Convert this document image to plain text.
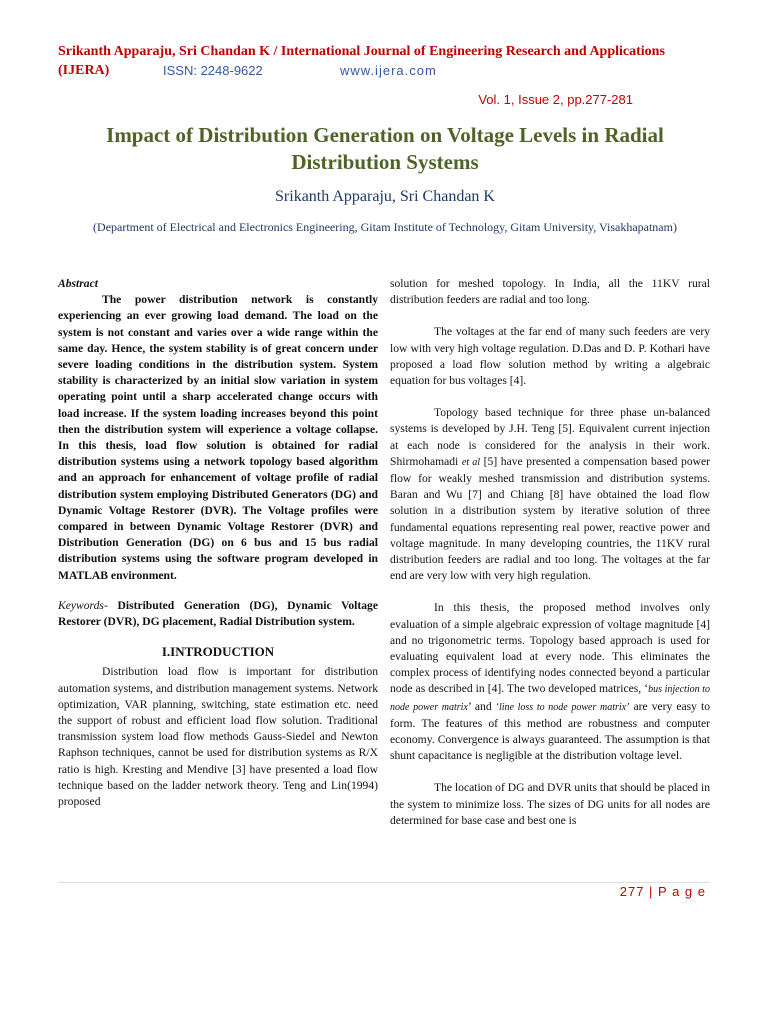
Srikanth Apparaju, Sri Chandan K / International Journal of Engineering Research and Applications
(IJERA)	ISSN: 2248-9622	www.ijera.com
Vol. 1, Issue 2, pp.277-281
Impact of Distribution Generation on Voltage Levels in Radial Distribution Systems
Srikanth Apparaju, Sri Chandan K
(Department of Electrical and Electronics Engineering, Gitam Institute of Technology, Gitam University, Visakhapatnam)

Abstract

The power distribution network is constantly experiencing an ever growing load demand. The load on the system is not constant and varies over a wide range within the same day. Hence, the system stability is of great concern under severe loading conditions in the distribution system. System stability is characterized by an initial slow variation in system operating point until a sharp accelerated change occurs with load increase. If the system loading increases beyond this point then the distribution system will experience a voltage collapse. In this thesis, load flow solution is obtained for radial distribution systems using a network topology based algorithm and an approach for enhancement of voltage profile of radial distribution system employing Distributed Generators (DG) and Dynamic Voltage Restorer (DVR). The Voltage profiles were compared in between Dynamic Voltage Restorer (DVR) and Distribution Generation (DG) on 6 bus and 15 bus radial distribution systems using the software program developed in MATLAB environment.

Keywords- Distributed Generation (DG), Dynamic Voltage Restorer (DVR), DG placement, Radial Distribution system.

I.INTRODUCTION

Distribution load flow is important for distribution automation systems, and distribution management systems. Network optimization, VAR planning, switching, state estimation etc. need the support of robust and efficient load flow solution. Traditional transmission system load flow methods Gauss-Siedel and Newton Raphson techniques, cannot be used for distribution systems as R/X ratio is high. Kresting and Mendive [3] have presented a load flow technique based on the ladder network theory. Teng and Lin(1994) proposed

solution for meshed topology. In India, all the 11KV rural distribution feeders are radial and too long.

The voltages at the far end of many such feeders are very low with very high voltage regulation. D.Das and D. P. Kothari have proposed a load flow solution method by writing a algebraic equation for bus voltages [4].

Topology based technique for three phase un-balanced systems is developed by J.H. Teng [5]. Equivalent current injection at each node is considered for the analysis in their work. Shirmohamadi et al [5] have presented a compensation based power flow for weakly meshed transmission and distribution systems. Baran and Wu [7] and Chiang [8] have obtained the load flow solution in a distribution system by iterative solution of three fundamental equations representing real power, reactive power and voltage magnitude. In many developing countries, the 11KV rural distribution feeders are radial and too long. The voltages at the far end are very low with very high regulation.

In this thesis, the proposed method involves only evaluation of a simple algebraic expression of voltage magnitude [4] and no trigonometric terms. Topology based approach is used for evaluating equivalent load at every node. This eliminates the complex process of identifying nodes connected beyond a particular node as described in [4]. The two developed matrices, ‘bus injection to node power matrix’ and ‘line loss to node power matrix’ are very easy to form. The features of this method are robustness and computer economy. Convergence is always guaranteed. The assumption is that shunt capacitance is negligible at the distribution voltage level.

The location of DG and DVR units that should be placed in the system to minimize loss. The sizes of DG units for all nodes are determined for base case and best one is

277 | P a g e
